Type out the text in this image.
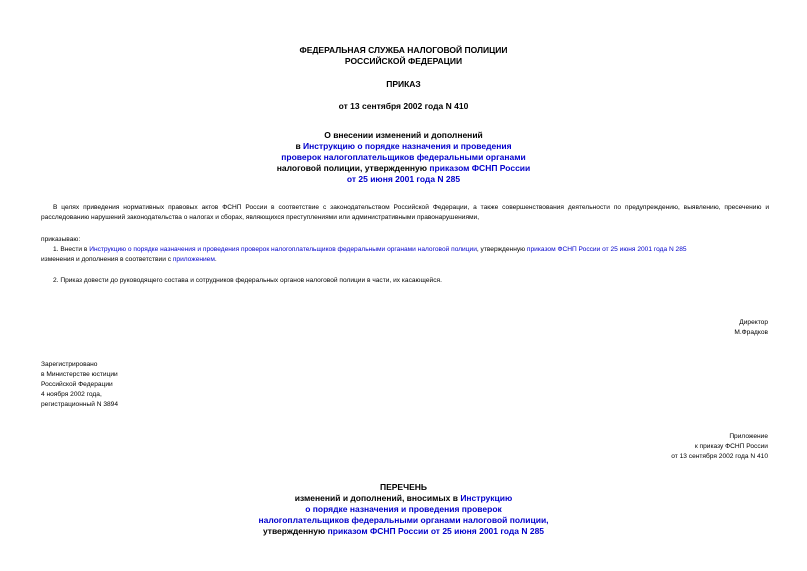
ФЕДЕРАЛЬНАЯ СЛУЖБА НАЛОГОВОЙ ПОЛИЦИИ
РОССИЙСКОЙ ФЕДЕРАЦИИ
ПРИКАЗ
от 13 сентября 2002 года N 410
О внесении изменений и дополнений
в Инструкцию о порядке назначения и проведения
проверок налогоплательщиков федеральными органами
налоговой полиции, утвержденную приказом ФСНП России
от 25 июня 2001 года N 285
В целях приведения нормативных правовых актов ФСНП России в соответствие с законодательством Российской Федерации, а также совершенствования деятельности по предупреждению, выявлению, пресечению и расследованию нарушений законодательства о налогах и сборах, являющихся преступлениями или административными правонарушениями,
приказываю:
1. Внести в Инструкцию о порядке назначения и проведения проверок налогоплательщиков федеральными органами налоговой полиции, утвержденную приказом ФСНП России от 25 июня 2001 года N 285
изменения и дополнения в соответствии с приложением.
2. Приказ довести до руководящего состава и сотрудников федеральных органов налоговой полиции в части, их касающейся.
Директор
М.Фрадков
Зарегистрировано
в Министерстве юстиции
Российской Федерации
4 ноября 2002 года,
регистрационный N 3894
Приложение
к приказу ФСНП России
от 13 сентября 2002 года N 410
ПЕРЕЧЕНЬ
изменений и дополнений, вносимых в Инструкцию
о порядке назначения и проведения проверок
налогоплательщиков федеральными органами налоговой полиции,
утвержденную приказом ФСНП России от 25 июня 2001 года N 285
